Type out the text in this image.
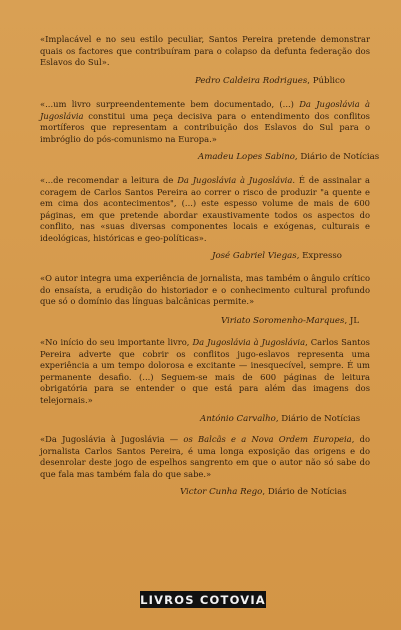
«Implacável e no seu estilo peculiar, Santos Pereira pretende demonstrar quais os factores que contribuíram para o colapso da defunta federação dos Eslavos do Sul».

Pedro Caldeira Rodrigues, Público

«...um livro surpreendentemente bem documentado, (...) Da Jugoslávia à Jugoslávia constitui uma peça decisiva para o entendimento dos conflitos mortíferos que representam a contribuição dos Eslavos do Sul para o imbróglio do pós-comunismo na Europa.»

Amadeu Lopes Sabino, Diário de Notícias

«...de recomendar a leitura de Da Jugoslávia à Jugoslávia. É de assinalar a coragem de Carlos Santos Pereira ao correr o risco de produzir "a quente e em cima dos acontecimentos", (...) este espesso volume de mais de 600 páginas, em que pretende abordar exaustivamente todos os aspectos do conflito, nas «suas diversas componentes locais e exógenas, culturais e ideológicas, históricas e geo-políticas».

José Gabriel Viegas, Expresso

«O autor integra uma experiência de jornalista, mas também o ângulo crítico do ensaísta, a erudição do historiador e o conhecimento cultural profundo que só o domínio das línguas balcânicas permite.»

Viriato Soromenho-Marques, JL

«No início do seu importante livro, Da Jugoslávia à Jugoslávia, Carlos Santos Pereira adverte que cobrir os conflitos jugo-eslavos representa uma experiência a um tempo dolorosa e excitante — inesquecível, sempre. É um permanente desafio. (...) Seguem-se mais de 600 páginas de leitura obrigatória para se entender o que está para além das imagens dos telejornais.»

António Carvalho, Diário de Notícias

«Da Jugoslávia à Jugoslávia — os Balcãs e a Nova Ordem Europeia, do jornalista Carlos Santos Pereira, é uma longa exposição das origens e do desenrolar deste jogo de espelhos sangrento em que o autor não só sabe do que fala mas também fala do que sabe.»

Victor Cunha Rego, Diário de Notícias
LIVROS COTOVIA
